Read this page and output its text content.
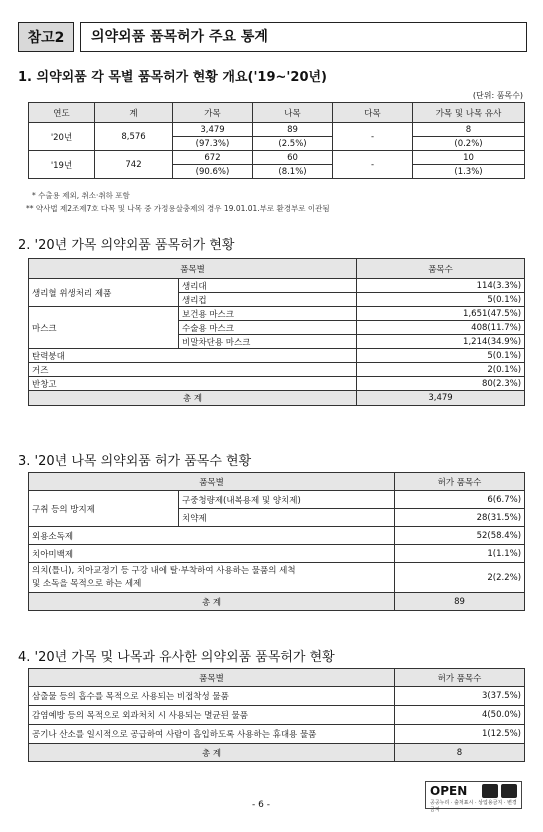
참고2	의약외품 품목허가 주요 통계
1. 의약외품 각 목별 품목허가 현황 개요('19~'20년)
(단위: 품목수)
연도	계	가목	나목	다목	가목 및 나목 유사
'20년	8,576	3,479	89	-	8
		(97.3%)	(2.5%)		(0.2%)
'19년	742	672	60	-	10
		(90.6%)	(8.1%)		(1.3%)
* 수출용 제외, 취소·취하 포함
** 약사법 제2조제7호 다목 및 나목 중 가정용살충제의 경우 19.01.01.부로 환경부로 이관됨
2. '20년 가목 의약외품 품목허가 현황
품목별		품목수
생리혈 위생처리 제품	생리대	114(3.3%)
	생리컵	5(0.1%)
마스크	보건용 마스크	1,651(47.5%)
	수술용 마스크	408(11.7%)
	비말차단용 마스크	1,214(34.9%)
탄력붕대		5(0.1%)
거즈		2(0.1%)
반창고		80(2.3%)
총 계		3,479
3. '20년 나목 의약외품 허가 품목수 현황
품목별		허가 품목수
구취 등의 방지제	구중청량제(내복용제 및 양치제)	6(6.7%)
	치약제	28(31.5%)
외용소독제		52(58.4%)
치아미백제		1(1.1%)

의치(틀니), 치아교정기 등 구강 내에 탈·부착하여 사용하는 물품의 세척
및 소독을 목적으로 하는 세제		2(2.2%)
총 계		89
4. '20년 가목 및 나목과 유사한 의약외품 품목허가 현황
품목별	허가 품목수
삼출물 등의 흡수를 목적으로 사용되는 비접착성 물품	3(37.5%)
감염예방 등의 목적으로 외과처치 시 사용되는 멸균된 물품	4(50.0%)
공기나 산소를 일시적으로 공급하여 사람이 흡입하도록 사용하는 휴대용 물품	1(12.5%)
총 계	8
- 6 -
OPEN
공공누리 · 출처표시 · 상업용금지 · 변경금지
